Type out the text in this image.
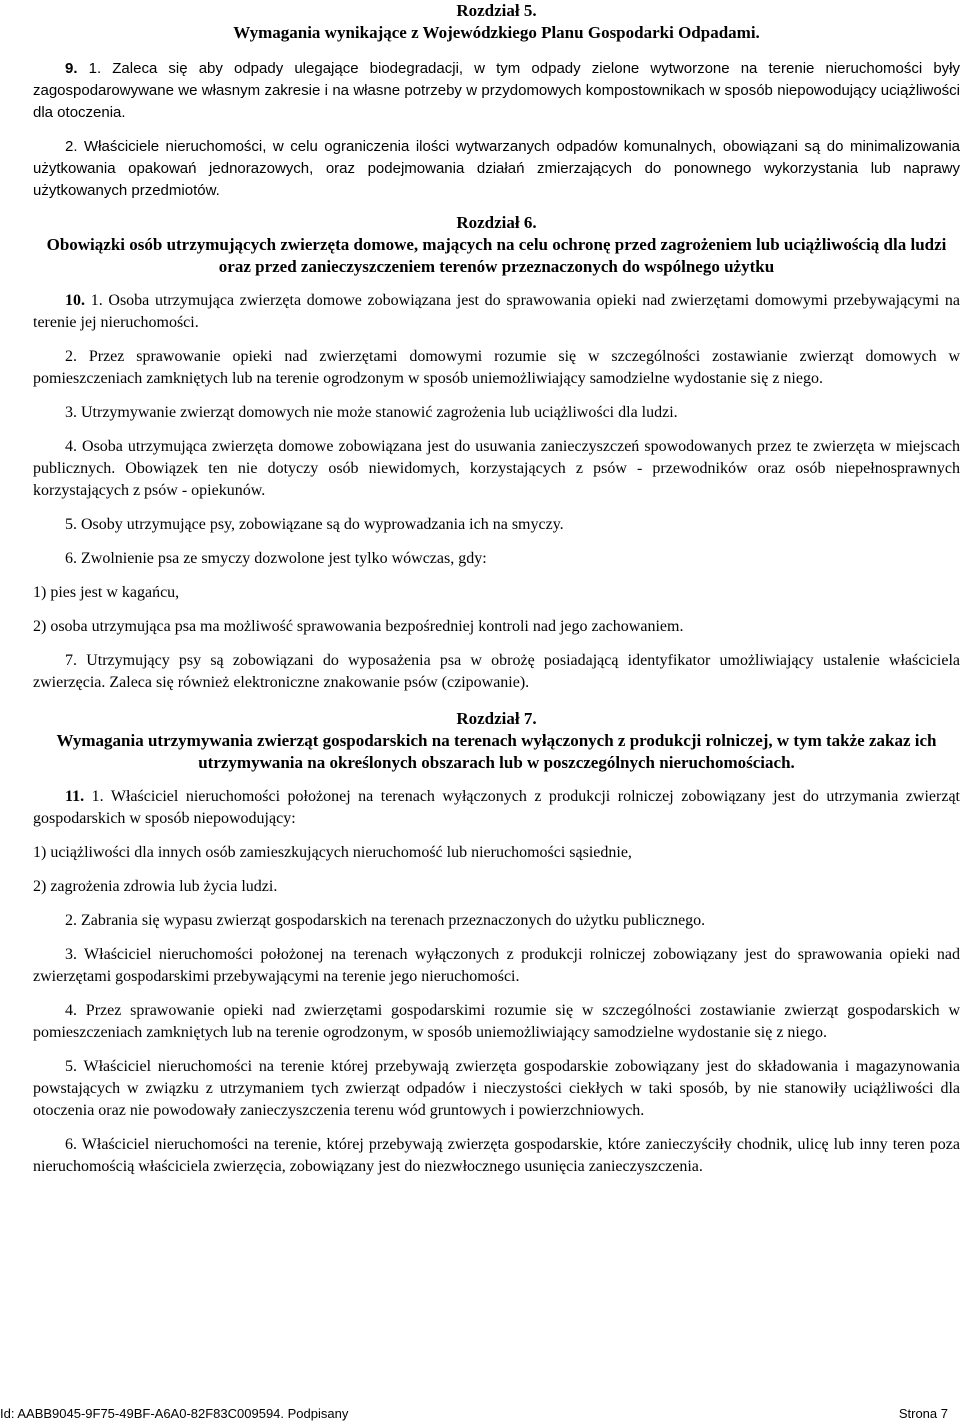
Rozdział 5.

Wymagania wynikające z Wojewódzkiego Planu Gospodarki Odpadami.

9. 1. Zaleca się aby odpady ulegające biodegradacji, w tym odpady zielone wytworzone na terenie nieruchomości były zagospodarowywane we własnym zakresie i na własne potrzeby w przydomowych kompostownikach w sposób niepowodujący uciążliwości dla otoczenia.

2. Właściciele nieruchomości, w celu ograniczenia ilości wytwarzanych odpadów komunalnych, obowiązani są do minimalizowania użytkowania opakowań jednorazowych, oraz podejmowania działań zmierzających do ponownego wykorzystania lub naprawy użytkowanych przedmiotów.

Rozdział 6.

Obowiązki osób utrzymujących zwierzęta domowe, mających na celu ochronę przed zagrożeniem lub uciążliwością dla ludzi oraz przed zanieczyszczeniem terenów przeznaczonych do wspólnego użytku

10. 1. Osoba utrzymująca zwierzęta domowe zobowiązana jest do sprawowania opieki nad zwierzętami domowymi przebywającymi na terenie jej nieruchomości.

2. Przez sprawowanie opieki nad zwierzętami domowymi rozumie się w szczególności zostawianie zwierząt domowych w pomieszczeniach zamkniętych lub na terenie ogrodzonym w sposób uniemożliwiający samodzielne wydostanie się z niego.

3. Utrzymywanie zwierząt domowych nie może stanowić zagrożenia lub uciążliwości dla ludzi.

4. Osoba utrzymująca zwierzęta domowe zobowiązana jest do usuwania zanieczyszczeń spowodowanych przez te zwierzęta w miejscach publicznych. Obowiązek ten nie dotyczy osób niewidomych, korzystających z psów - przewodników oraz osób niepełnosprawnych korzystających z psów - opiekunów.

5. Osoby utrzymujące psy, zobowiązane są do wyprowadzania ich na smyczy.

6. Zwolnienie psa ze smyczy dozwolone jest tylko wówczas, gdy:

1) pies jest w kagańcu,

2) osoba utrzymująca psa ma możliwość sprawowania bezpośredniej kontroli nad jego zachowaniem.

7. Utrzymujący psy są zobowiązani do wyposażenia psa w obrożę posiadającą identyfikator umożliwiający ustalenie właściciela zwierzęcia. Zaleca się również elektroniczne znakowanie psów (czipowanie).

Rozdział 7.

Wymagania utrzymywania zwierząt gospodarskich na terenach wyłączonych z produkcji rolniczej, w tym także zakaz ich utrzymywania na określonych obszarach lub w poszczególnych nieruchomościach.

11. 1. Właściciel nieruchomości położonej na terenach wyłączonych z produkcji rolniczej zobowiązany jest do utrzymania zwierząt gospodarskich w sposób niepowodujący:

1) uciążliwości dla innych osób zamieszkujących nieruchomość lub nieruchomości sąsiednie,

2) zagrożenia zdrowia lub życia ludzi.

2. Zabrania się wypasu zwierząt gospodarskich na terenach przeznaczonych do użytku publicznego.

3. Właściciel nieruchomości położonej na terenach wyłączonych z produkcji rolniczej zobowiązany jest do sprawowania opieki nad zwierzętami gospodarskimi przebywającymi na terenie jego nieruchomości.

4. Przez sprawowanie opieki nad zwierzętami gospodarskimi rozumie się w szczególności zostawianie zwierząt gospodarskich w pomieszczeniach zamkniętych lub na terenie ogrodzonym, w sposób uniemożliwiający samodzielne wydostanie się z niego.

5. Właściciel nieruchomości na terenie której przebywają zwierzęta gospodarskie zobowiązany jest do składowania i magazynowania powstających w związku z utrzymaniem tych zwierząt odpadów i nieczystości ciekłych w taki sposób, by nie stanowiły uciążliwości dla otoczenia oraz nie powodowały zanieczyszczenia terenu wód gruntowych i powierzchniowych.

6. Właściciel nieruchomości na terenie, której przebywają zwierzęta gospodarskie, które zanieczyściły chodnik, ulicę lub inny teren poza nieruchomością właściciela zwierzęcia, zobowiązany jest do niezwłocznego usunięcia zanieczyszczenia.

Id: AABB9045-9F75-49BF-A6A0-82F83C009594. Podpisany	Strona 7
